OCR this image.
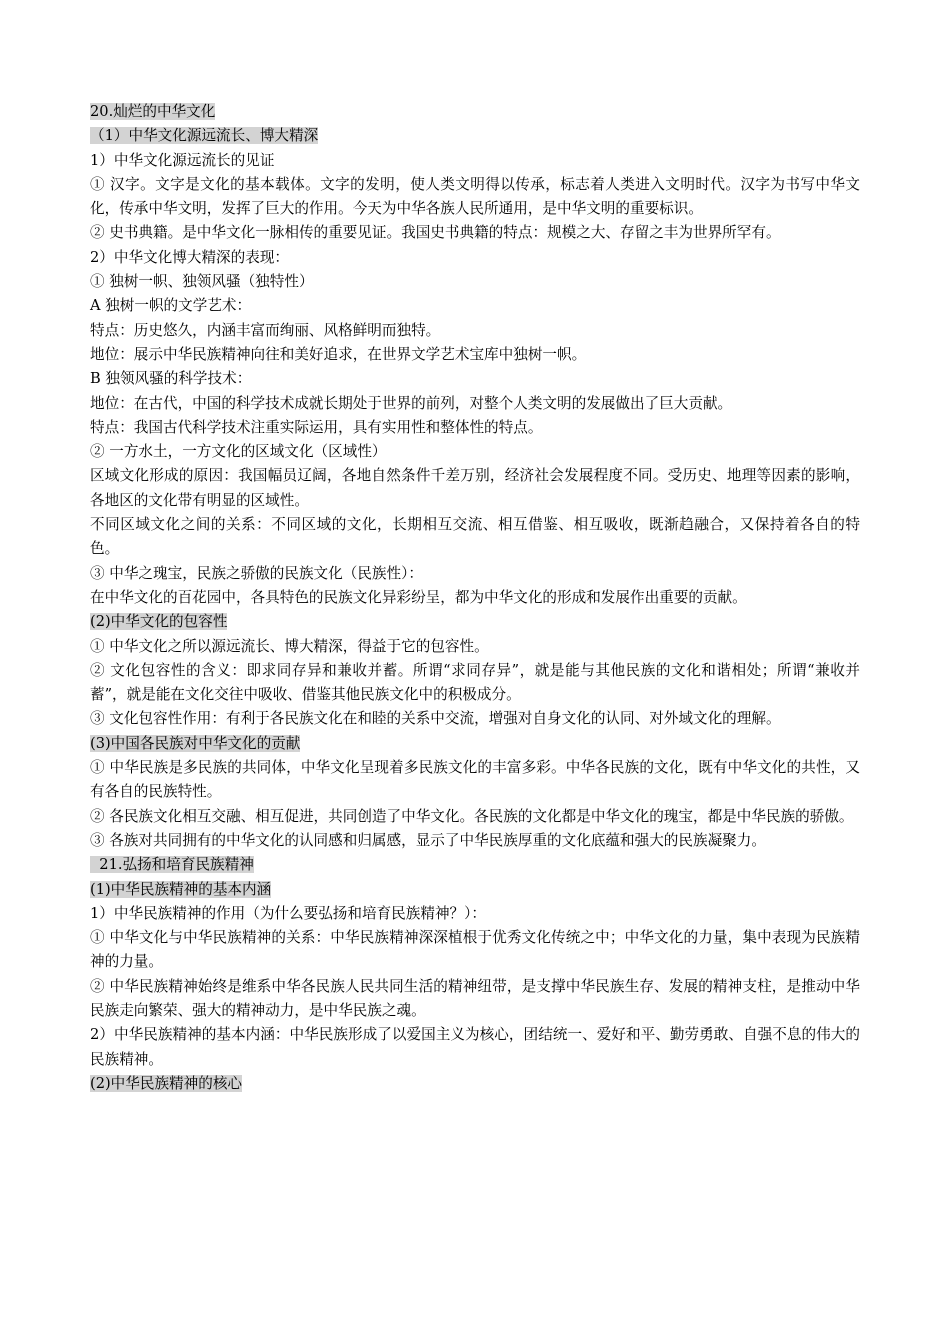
20.灿烂的中华文化

（1）中华文化源远流长、博大精深

1）中华文化源远流长的见证

① 汉字。文字是文化的基本载体。文字的发明，使人类文明得以传承，标志着人类进入文明时代。汉字为书写中华文化，传承中华文明，发挥了巨大的作用。今天为中华各族人民所通用，是中华文明的重要标识。

② 史书典籍。是中华文化一脉相传的重要见证。我国史书典籍的特点：规模之大、存留之丰为世界所罕有。

2）中华文化博大精深的表现：

① 独树一帜、独领风骚（独特性）

A 独树一帜的文学艺术：

特点：历史悠久，内涵丰富而绚丽、风格鲜明而独特。

地位：展示中华民族精神向往和美好追求，在世界文学艺术宝库中独树一帜。

B 独领风骚的科学技术：

地位：在古代，中国的科学技术成就长期处于世界的前列，对整个人类文明的发展做出了巨大贡献。

特点：我国古代科学技术注重实际运用，具有实用性和整体性的特点。

② 一方水土，一方文化的区域文化（区域性）

区域文化形成的原因：我国幅员辽阔，各地自然条件千差万别，经济社会发展程度不同。受历史、地理等因素的影响，各地区的文化带有明显的区域性。

不同区域文化之间的关系：不同区域的文化，长期相互交流、相互借鉴、相互吸收，既渐趋融合，又保持着各自的特色。

③ 中华之瑰宝，民族之骄傲的民族文化（民族性）：

在中华文化的百花园中，各具特色的民族文化异彩纷呈，都为中华文化的形成和发展作出重要的贡献。

(2)中华文化的包容性

① 中华文化之所以源远流长、博大精深，得益于它的包容性。

② 文化包容性的含义：即求同存异和兼收并蓄。所谓“求同存异”，就是能与其他民族的文化和谐相处；所谓“兼收并蓄”，就是能在文化交往中吸收、借鉴其他民族文化中的积极成分。

③ 文化包容性作用：有利于各民族文化在和睦的关系中交流，增强对自身文化的认同、对外域文化的理解。

(3)中国各民族对中华文化的贡献

① 中华民族是多民族的共同体，中华文化呈现着多民族文化的丰富多彩。中华各民族的文化，既有中华文化的共性，又有各自的民族特性。

② 各民族文化相互交融、相互促进，共同创造了中华文化。各民族的文化都是中华文化的瑰宝，都是中华民族的骄傲。

③ 各族对共同拥有的中华文化的认同感和归属感，显示了中华民族厚重的文化底蕴和强大的民族凝聚力。

21.弘扬和培育民族精神

(1)中华民族精神的基本内涵

1）中华民族精神的作用（为什么要弘扬和培育民族精神？）：

① 中华文化与中华民族精神的关系：中华民族精神深深植根于优秀文化传统之中；中华文化的力量，集中表现为民族精神的力量。

② 中华民族精神始终是维系中华各民族人民共同生活的精神纽带，是支撑中华民族生存、发展的精神支柱，是推动中华民族走向繁荣、强大的精神动力，是中华民族之魂。

2）中华民族精神的基本内涵：中华民族形成了以爱国主义为核心，团结统一、爱好和平、勤劳勇敢、自强不息的伟大的民族精神。

(2)中华民族精神的核心
